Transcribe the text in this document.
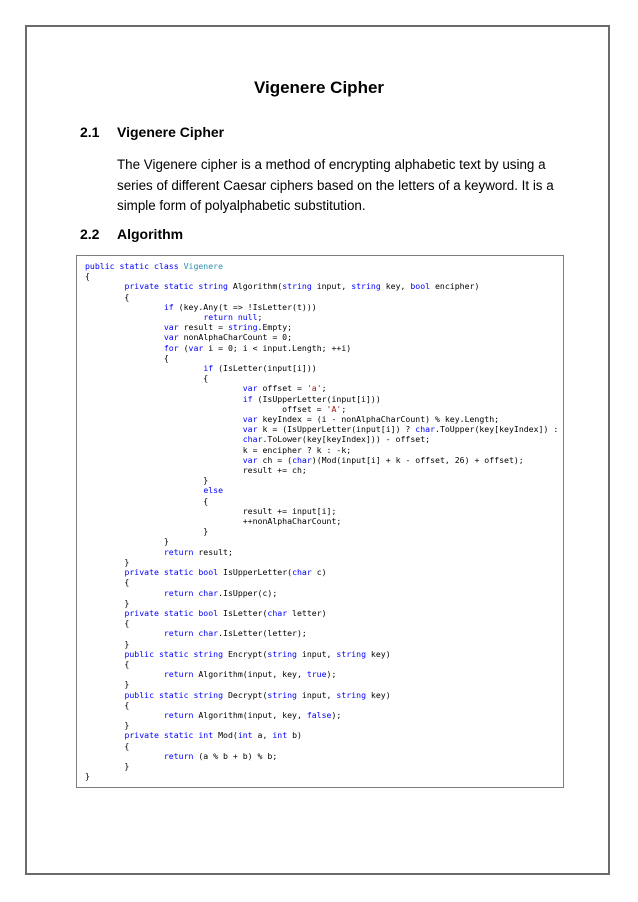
Vigenere Cipher
2.1 Vigenere Cipher
The Vigenere cipher is a method of encrypting alphabetic text by using a series of different Caesar ciphers based on the letters of a keyword. It is a simple form of polyalphabetic substitution.
2.2 Algorithm
public static class Vigenere
{
private static string Algorithm(string input, string key, bool encipher)
{
if (key.Any(t => !IsLetter(t)))
return null;
var result = string.Empty;
var nonAlphaCharCount = 0;
for (var i = 0; i < input.Length; ++i)
{
if (IsLetter(input[i]))
{
var offset = 'a';
if (IsUpperLetter(input[i]))
offset = 'A';
var keyIndex = (i - nonAlphaCharCount) % key.Length;
var k = (IsUpperLetter(input[i]) ? char.ToUpper(key[keyIndex]) :
char.ToLower(key[keyIndex])) - offset;
k = encipher ? k : -k;
var ch = (char)(Mod(input[i] + k - offset, 26) + offset);
result += ch;
}
else
{
result += input[i];
++nonAlphaCharCount;
}
}
return result;
}
private static bool IsUpperLetter(char c)
{
return char.IsUpper(c);
}
private static bool IsLetter(char letter)
{
return char.IsLetter(letter);
}
public static string Encrypt(string input, string key)
{
return Algorithm(input, key, true);
}
public static string Decrypt(string input, string key)
{
return Algorithm(input, key, false);
}
private static int Mod(int a, int b)
{
return (a % b + b) % b;
}
}
